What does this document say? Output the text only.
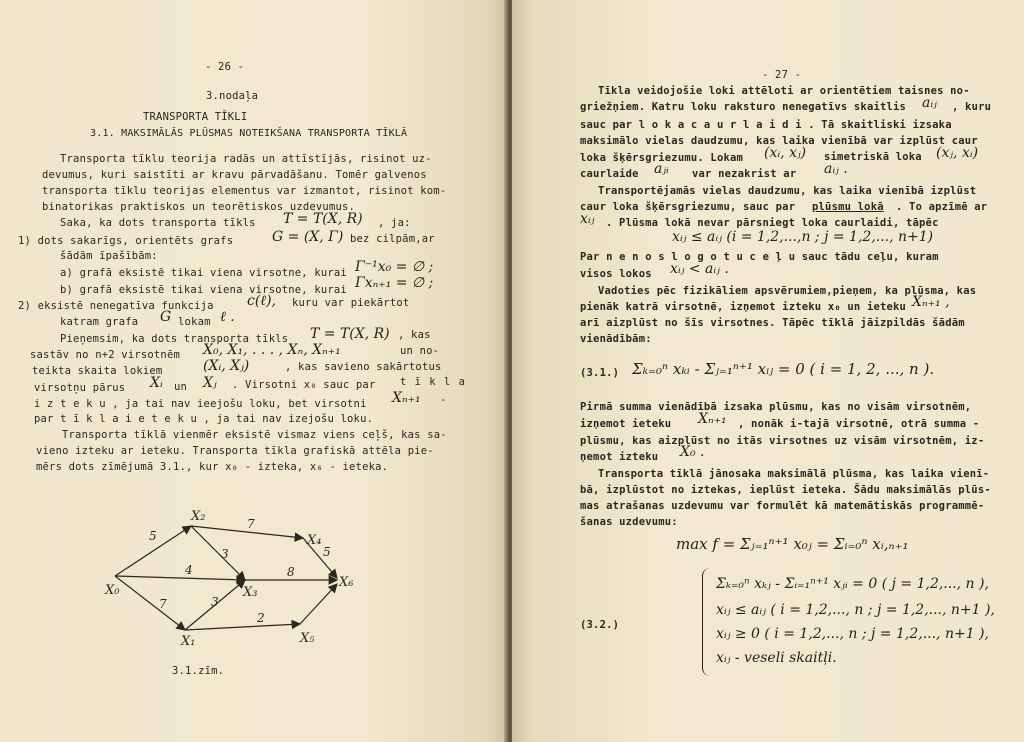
- 26 -
3.nodaļa
TRANSPORTA TĪKLI
3.1. MAKSIMĀLĀS PLŪSMAS NOTEIKŠANA TRANSPORTA TĪKLĀ
Transporta tīklu teorija radās un attīstījās, risinot uz-
devumus, kuri saistīti ar kravu pārvadāšanu. Tomēr galvenos
transporta tīklu teorijas elementus var izmantot, risinot kom-
binatorikas praktiskos un teorētiskos uzdevumus.
Saka, ka dots transporta tīkls T = T(X, R) , ja:
1) dots sakarīgs, orientēts grafs	G = (X, Γ) bez cilpām,ar
šādām īpašībām:
a) grafā eksistē tikai viena virsotne, kurai Γ⁻¹x₀ = ∅ ;
b) grafā eksistē tikai viena virsotne, kurai Γxₙ₊₁ = ∅ ;
2) eksistē nenegatīva funkcija c(ℓ), kuru var piekārtot
katram grafa G lokam ℓ .
Pieņemsim, ka dots transporta tīkls T = T(X, R) , kas
sastāv no n+2 virsotnēm X₀, X₁, . . . , Xₙ, Xₙ₊₁	un no-
teikta skaita lokiem	(Xᵢ, Xⱼ)	, kas savieno sakārtotus
virsotņu pārus Xᵢ un Xⱼ . Virsotni x₀ sauc par t ī k l a
i z t e k u , ja tai nav ieejošu loku, bet virsotni Xₙ₊₁ -
par t ī k l a i e t e k u , ja tai nav izejošu loku.
Transporta tīklā vienmēr eksistē vismaz viens ceļš, kas sa-
vieno izteku ar ieteku. Transporta tīkla grafiskā attēla pie-
mērs dots zīmējumā 3.1., kur x₀ - izteka, x₆ - ieteka.
X₀
X₁
X₂
X₃
X₄
X₅
X₆
5
7
3
4
3
7
8
5
2
3.1.zīm.
- 27 -
Tīkla veidojošie loki attēloti ar orientētiem taisnes no-
griežņiem. Katru loku raksturo nenegatīvs skaitlis aᵢⱼ , kuru
sauc par l o k a c a u r l a i d i . Tā skaitliski izsaka
maksimālo vielas daudzumu, kas laika vienībā var izplūst caur
loka šķērsgriezumu. Lokam (xᵢ, xⱼ) simetriskā loka (xⱼ, xᵢ)
caurlaide aⱼᵢ var nezakrist ar aᵢⱼ .
Transportējamās vielas daudzumu, kas laika vienībā izplūst
caur loka šķērsgriezumu, sauc par plūsmu lokā . To apzīmē ar
xᵢⱼ . Plūsma lokā nevar pārsniegt loka caurlaidi, tāpēc
xᵢⱼ ≤ aᵢⱼ (i = 1,2,...,n ; j = 1,2,..., n+1)
Par n e n o s l o g o t u c e ļ u sauc tādu ceļu, kuram
visos lokos xᵢⱼ < aᵢⱼ .
Vadoties pēc fizikāliem apsvērumiem,pieņem, ka plūsma, kas
pienāk katrā virsotnē, izņemot izteku x₀ un ieteku Xₙ₊₁ ,
arī aizplūst no šīs virsotnes. Tāpēc tīklā jāizpildās šādām
vienādībām:
(3.1.) Σₖ₌₀ⁿ xₖᵢ - Σⱼ₌₁ⁿ⁺¹ xᵢⱼ = 0 ( i = 1, 2, ..., n ).
Pirmā summa vienādībā izsaka plūsmu, kas no visām virsotnēm,
izņemot ieteku Xₙ₊₁ , nonāk i-tajā virsotnē, otrā summa -
plūsmu, kas aizplūst no itās virsotnes uz visām virsotnēm, iz-
ņemot izteku X₀ .
Transporta tīklā jānosaka maksimālā plūsma, kas laika vienī-
bā, izplūstot no iztekas, ieplūst ieteka. Šādu maksimālās plūs-
mas atrašanas uzdevumu var formulēt kā matemātiskās programmē-
šanas uzdevumu:
max f = Σⱼ₌₁ⁿ⁺¹ x₀ⱼ = Σᵢ₌₀ⁿ xᵢ,ₙ₊₁
(3.2.)
Σₖ₌₀ⁿ xₖⱼ - Σᵢ₌₁ⁿ⁺¹ xⱼᵢ = 0 ( j = 1,2,..., n ),
xᵢⱼ ≤ aᵢⱼ ( i = 1,2,..., n ; j = 1,2,..., n+1 ),
xᵢⱼ ≥ 0 ( i = 1,2,..., n ; j = 1,2,..., n+1 ),
xᵢⱼ - veseli skaitļi.
